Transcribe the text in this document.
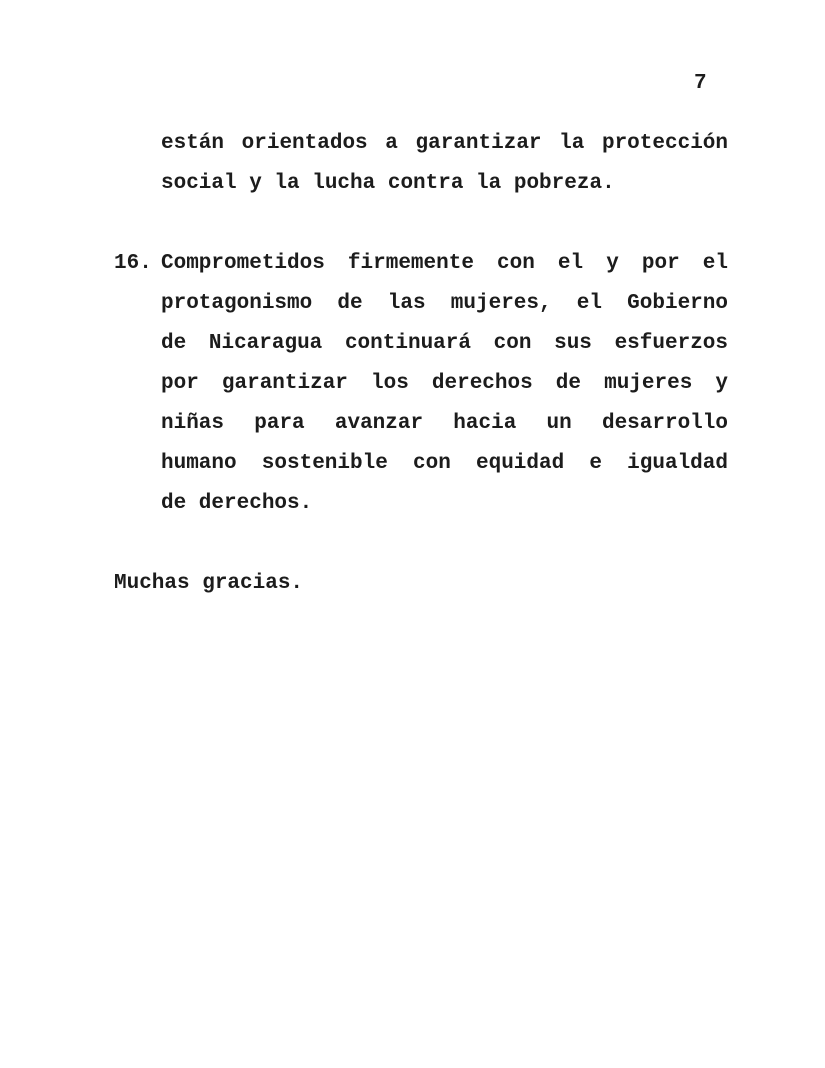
7
están orientados a garantizar la protección
social y la lucha contra la pobreza.
16. Comprometidos firmemente con el y por el
protagonismo de las mujeres, el Gobierno
de Nicaragua continuará con sus esfuerzos
por garantizar los derechos de mujeres y
niñas para avanzar hacia un desarrollo
humano sostenible con equidad e igualdad
de derechos.
Muchas gracias.
